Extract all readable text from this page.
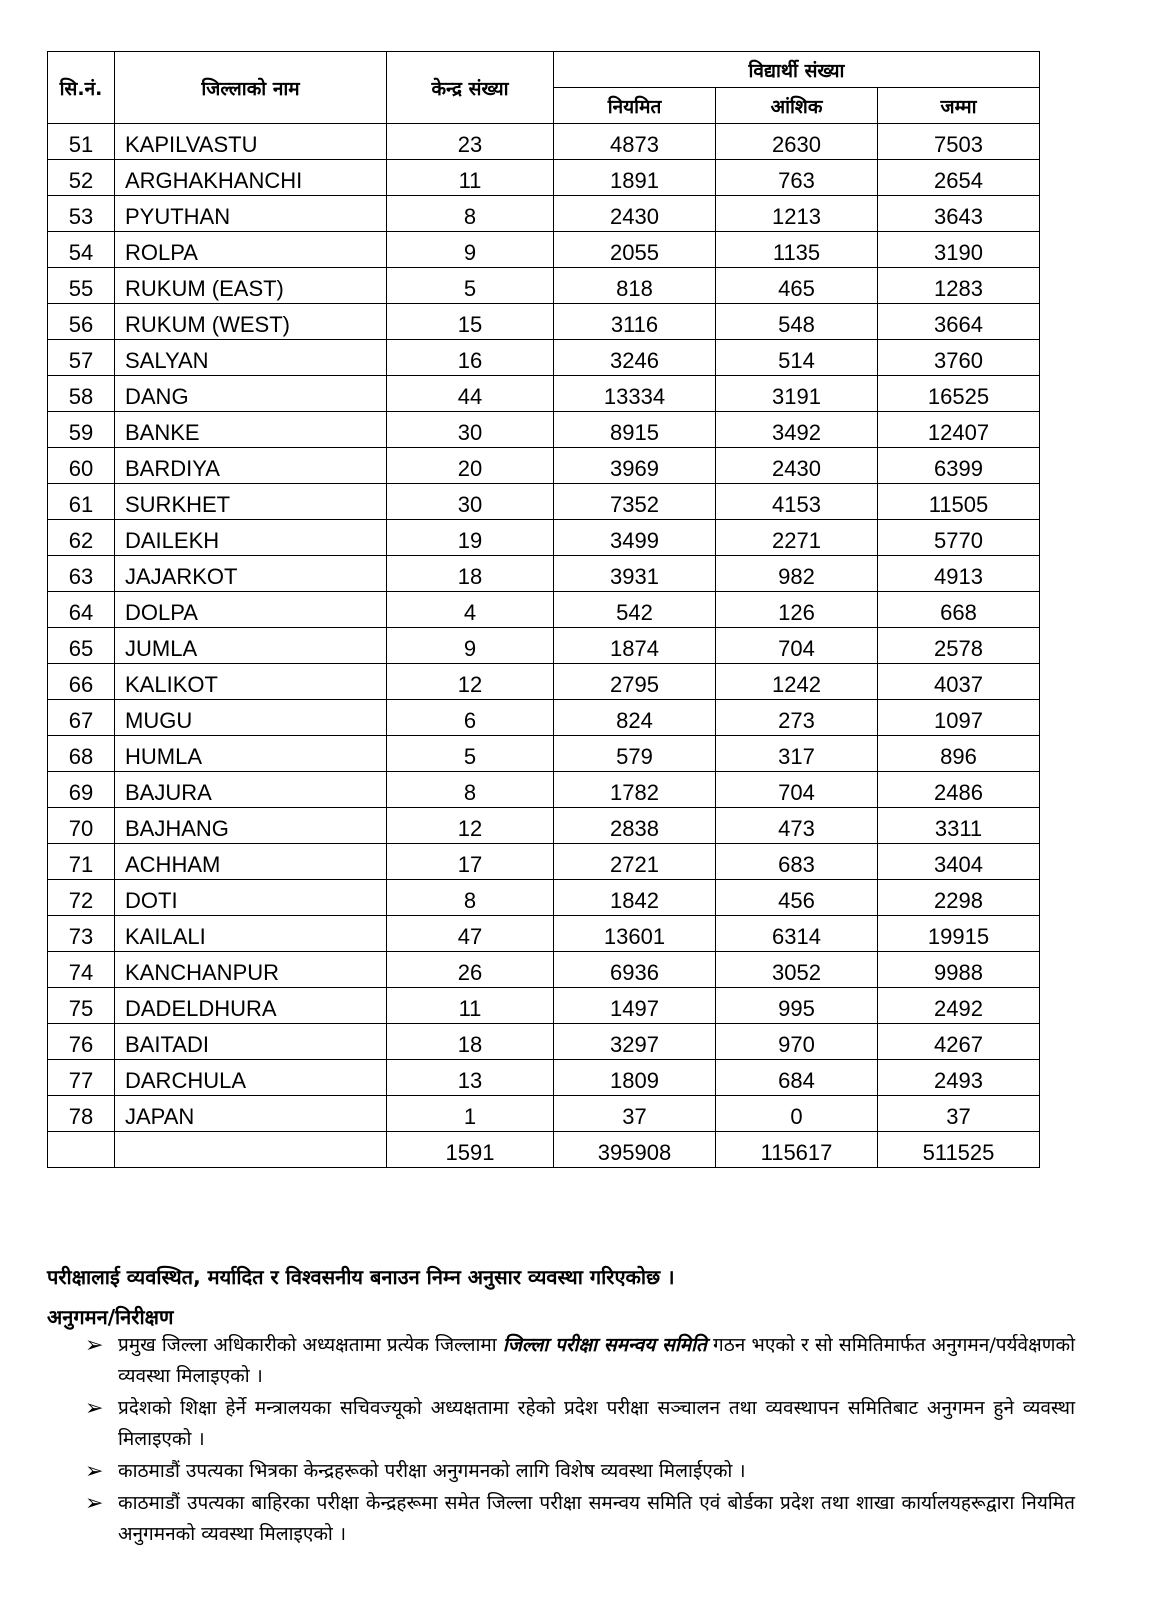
सि.नं.	जिल्लाको नाम	केन्द्र संख्या	विद्यार्थी संख्या		
			नियमित	आंशिक	जम्मा
51	KAPILVASTU	23	4873	2630	7503
52	ARGHAKHANCHI	11	1891	763	2654
53	PYUTHAN	8	2430	1213	3643
54	ROLPA	9	2055	1135	3190
55	RUKUM (EAST)	5	818	465	1283
56	RUKUM (WEST)	15	3116	548	3664
57	SALYAN	16	3246	514	3760
58	DANG	44	13334	3191	16525
59	BANKE	30	8915	3492	12407
60	BARDIYA	20	3969	2430	6399
61	SURKHET	30	7352	4153	11505
62	DAILEKH	19	3499	2271	5770
63	JAJARKOT	18	3931	982	4913
64	DOLPA	4	542	126	668
65	JUMLA	9	1874	704	2578
66	KALIKOT	12	2795	1242	4037
67	MUGU	6	824	273	1097
68	HUMLA	5	579	317	896
69	BAJURA	8	1782	704	2486
70	BAJHANG	12	2838	473	3311
71	ACHHAM	17	2721	683	3404
72	DOTI	8	1842	456	2298
73	KAILALI	47	13601	6314	19915
74	KANCHANPUR	26	6936	3052	9988
75	DADELDHURA	11	1497	995	2492
76	BAITADI	18	3297	970	4267
77	DARCHULA	13	1809	684	2493
78	JAPAN	1	37	0	37
		1591	395908	115617	511525
परीक्षालाई व्यवस्थित, मर्यादित र विश्वसनीय बनाउन निम्न अनुसार व्यवस्था गरिएकोछ ।
अनुगमन/निरीक्षण
➢ प्रमुख जिल्ला अधिकारीको अध्यक्षतामा प्रत्येक जिल्लामा जिल्ला परीक्षा समन्वय समिति गठन भएको र सो समितिमार्फत अनुगमन/पर्यवेक्षणको व्यवस्था मिलाइएको ।
➢ प्रदेशको शिक्षा हेर्ने मन्त्रालयका सचिवज्यूको अध्यक्षतामा रहेको प्रदेश परीक्षा सञ्चालन तथा व्यवस्थापन समितिबाट अनुगमन हुने व्यवस्था मिलाइएको ।
➢ काठमाडौं उपत्यका भित्रका केन्द्रहरूको परीक्षा अनुगमनको लागि विशेष व्यवस्था मिलाईएको ।
➢ काठमाडौं उपत्यका बाहिरका परीक्षा केन्द्रहरूमा समेत जिल्ला परीक्षा समन्वय समिति एवं बोर्डका प्रदेश तथा शाखा कार्यालयहरूद्वारा नियमित अनुगमनको व्यवस्था मिलाइएको ।
